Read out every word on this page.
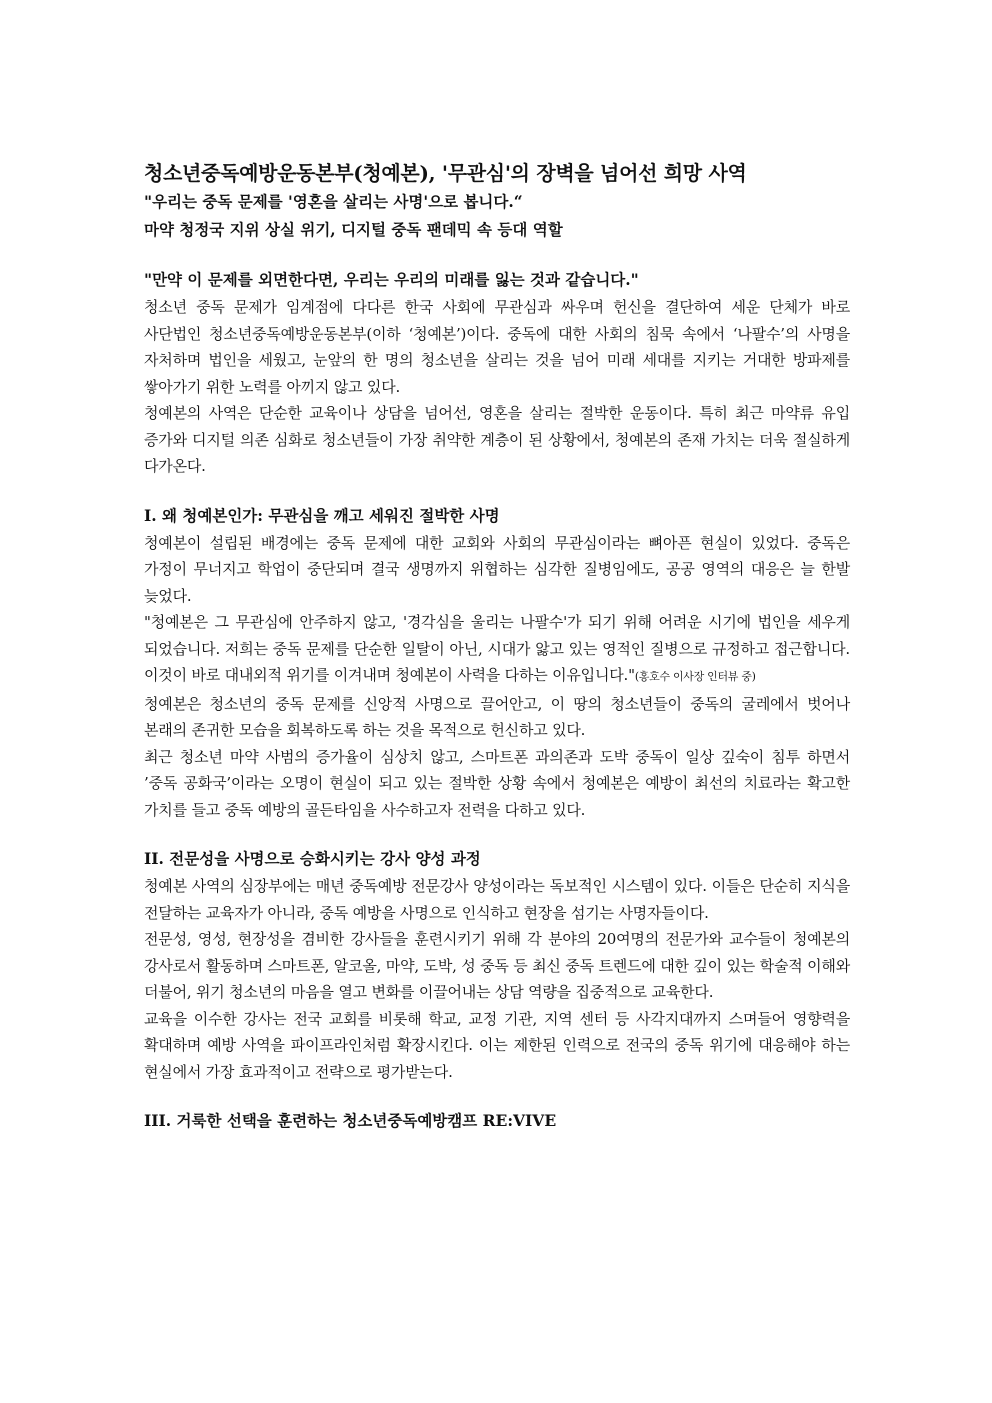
청소년중독예방운동본부(청예본), '무관심'의 장벽을 넘어선 희망 사역

"우리는 중독 문제를 '영혼을 살리는 사명'으로 봅니다.“

마약 청정국 지위 상실 위기, 디지털 중독 팬데믹 속 등대 역할

"만약 이 문제를 외면한다면, 우리는 우리의 미래를 잃는 것과 같습니다."

청소년 중독 문제가 임계점에 다다른 한국 사회에 무관심과 싸우며 헌신을 결단하여 세운 단체가 바로 사단법인 청소년중독예방운동본부(이하 ‘청예본’)이다. 중독에 대한 사회의 침묵 속에서 ‘나팔수’의 사명을 자처하며 법인을 세웠고, 눈앞의 한 명의 청소년을 살리는 것을 넘어 미래 세대를 지키는 거대한 방파제를 쌓아가기 위한 노력를 아끼지 않고 있다.

청예본의 사역은 단순한 교육이나 상담을 넘어선, 영혼을 살리는 절박한 운동이다. 특히 최근 마약류 유입 증가와 디지털 의존 심화로 청소년들이 가장 취약한 계층이 된 상황에서, 청예본의 존재 가치는 더욱 절실하게 다가온다.

I. 왜 청예본인가: 무관심을 깨고 세워진 절박한 사명

청예본이 설립된 배경에는 중독 문제에 대한 교회와 사회의 무관심이라는 뼈아픈 현실이 있었다. 중독은 가정이 무너지고 학업이 중단되며 결국 생명까지 위협하는 심각한 질병임에도, 공공 영역의 대응은 늘 한발 늦었다.

"청예본은 그 무관심에 안주하지 않고, '경각심을 울리는 나팔수'가 되기 위해 어려운 시기에 법인을 세우게 되었습니다. 저희는 중독 문제를 단순한 일탈이 아닌, 시대가 앓고 있는 영적인 질병으로 규정하고 접근합니다. 이것이 바로 대내외적 위기를 이겨내며 청예본이 사력을 다하는 이유입니다."(홍호수 이사장 인터뷰 중)

청예본은 청소년의 중독 문제를 신앙적 사명으로 끌어안고, 이 땅의 청소년들이 중독의 굴레에서 벗어나 본래의 존귀한 모습을 회복하도록 하는 것을 목적으로 헌신하고 있다.

최근 청소년 마약 사범의 증가율이 심상치 않고, 스마트폰 과의존과 도박 중독이 일상 깊숙이 침투 하면서 ’중독 공화국’이라는 오명이 현실이 되고 있는 절박한 상황 속에서 청예본은 예방이 최선의 치료라는 확고한 가치를 들고 중독 예방의 골든타임을 사수하고자 전력을 다하고 있다.

II. 전문성을 사명으로 승화시키는 강사 양성 과정

청예본 사역의 심장부에는 매년 중독예방 전문강사 양성이라는 독보적인 시스템이 있다. 이들은 단순히 지식을 전달하는 교육자가 아니라, 중독 예방을 사명으로 인식하고 현장을 섬기는 사명자들이다.

전문성, 영성, 현장성을 겸비한 강사들을 훈련시키기 위해 각 분야의 20여명의 전문가와 교수들이 청예본의 강사로서 활동하며 스마트폰, 알코올, 마약, 도박, 성 중독 등 최신 중독 트렌드에 대한 깊이 있는 학술적 이해와 더불어, 위기 청소년의 마음을 열고 변화를 이끌어내는 상담 역량을 집중적으로 교육한다.

교육을 이수한 강사는 전국 교회를 비롯해 학교, 교정 기관, 지역 센터 등 사각지대까지 스며들어 영향력을 확대하며 예방 사역을 파이프라인처럼 확장시킨다. 이는 제한된 인력으로 전국의 중독 위기에 대응해야 하는 현실에서 가장 효과적이고 전략으로 평가받는다.

III. 거룩한 선택을 훈련하는 청소년중독예방캠프 RE:VIVE
